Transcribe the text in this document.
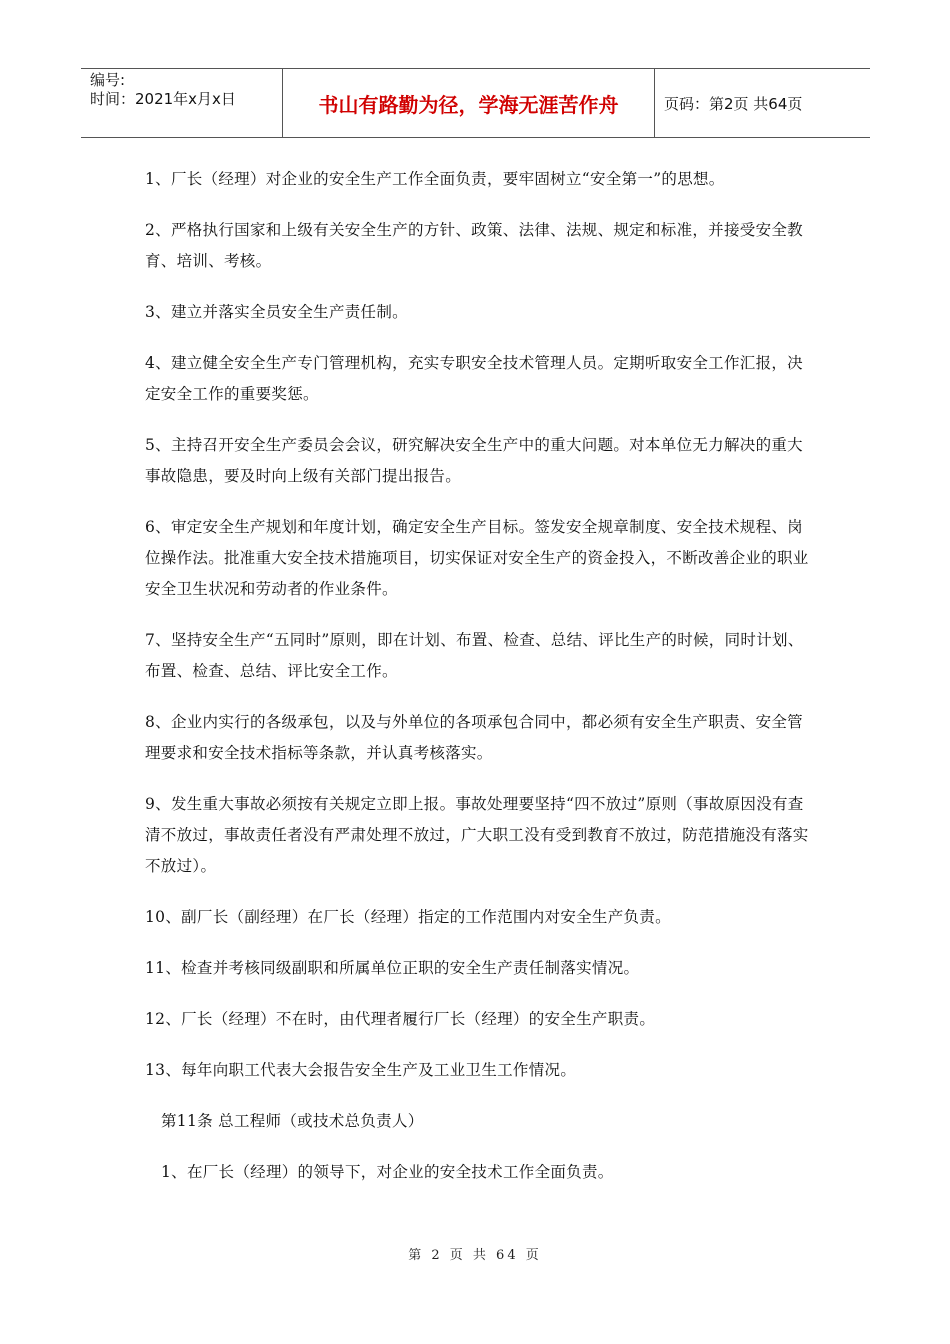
编号:
时间：2021年x月x日	书山有路勤为径，学海无涯苦作舟	页码：第2页 共64页

1、厂长（经理）对企业的安全生产工作全面负责，要牢固树立“安全第一”的思想。

2、严格执行国家和上级有关安全生产的方针、政策、法律、法规、规定和标准，并接受安全教育、培训、考核。

3、建立并落实全员安全生产责任制。

4、建立健全安全生产专门管理机构，充实专职安全技术管理人员。定期听取安全工作汇报，决定安全工作的重要奖惩。

5、主持召开安全生产委员会会议，研究解决安全生产中的重大问题。对本单位无力解决的重大事故隐患，要及时向上级有关部门提出报告。

6、审定安全生产规划和年度计划，确定安全生产目标。签发安全规章制度、安全技术规程、岗位操作法。批准重大安全技术措施项目，切实保证对安全生产的资金投入，不断改善企业的职业安全卫生状况和劳动者的作业条件。

7、坚持安全生产“五同时”原则，即在计划、布置、检查、总结、评比生产的时候，同时计划、布置、检查、总结、评比安全工作。

8、企业内实行的各级承包，以及与外单位的各项承包合同中，都必须有安全生产职责、安全管理要求和安全技术指标等条款，并认真考核落实。

9、发生重大事故必须按有关规定立即上报。事故处理要坚持“四不放过”原则（事故原因没有查清不放过，事故责任者没有严肃处理不放过，广大职工没有受到教育不放过，防范措施没有落实不放过）。

10、副厂长（副经理）在厂长（经理）指定的工作范围内对安全生产负责。

11、检查并考核同级副职和所属单位正职的安全生产责任制落实情况。

12、厂长（经理）不在时，由代理者履行厂长（经理）的安全生产职责。

13、每年向职工代表大会报告安全生产及工业卫生工作情况。

第11条 总工程师（或技术总负责人）

1、在厂长（经理）的领导下，对企业的安全技术工作全面负责。

第 2 页 共 64 页
